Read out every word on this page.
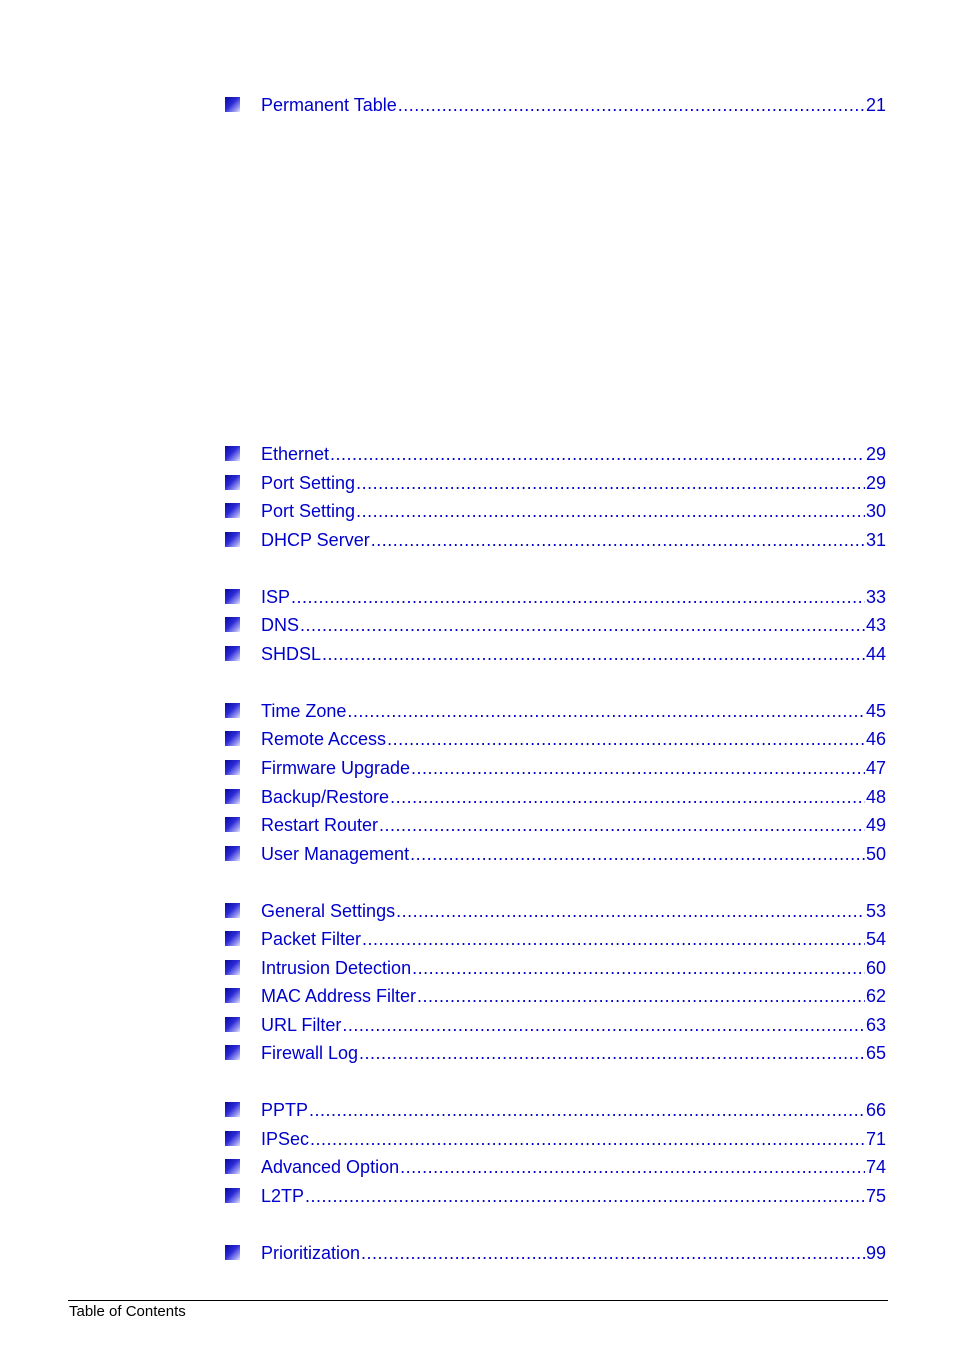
Permanent Table .....	21
Ethernet .....	29
Port Setting .....	29
Port Setting .....	30
DHCP Server .....	31
ISP .....	33
DNS .....	43
SHDSL .....	44
Time Zone .....	45
Remote Access .....	46
Firmware Upgrade .....	47
Backup/Restore .....	48
Restart Router .....	49
User Management .....	50
General Settings .....	53
Packet Filter .....	54
Intrusion Detection .....	60
MAC Address Filter .....	62
URL Filter .....	63
Firewall Log .....	65
PPTP .....	66
IPSec .....	71
Advanced Option .....	74
L2TP .....	75
Prioritization .....	99
Table of Contents
